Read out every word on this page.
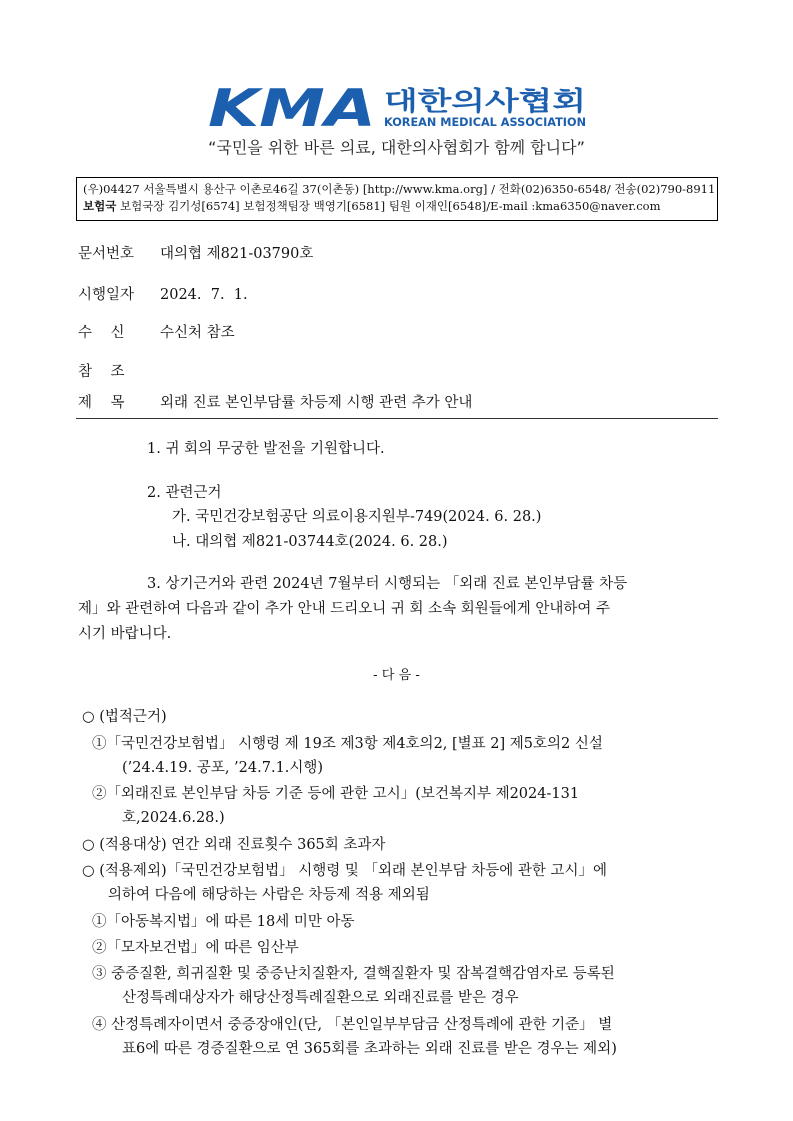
KMA 대한의사협회
KOREAN MEDICAL ASSOCIATION
“국민을 위한 바른 의료, 대한의사협회가 함께 합니다”
(우)04427 서울특별시 용산구 이촌로46길 37(이촌동) [http://www.kma.org] / 전화(02)6350-6548/ 전송(02)790-8911
보험국 보험국장 김기성[6574] 보험정책팀장 백영기[6581] 팀원 이재인[6548]/E-mail :kma6350@naver.com
문서번호 대의협 제821-03790호
시행일자 2024.  7.  1.
수    신 수신처 참조
참    조
제    목 외래 진료 본인부담률 차등제 시행 관련 추가 안내
1. 귀 회의 무궁한 발전을 기원합니다.
2. 관련근거
가. 국민건강보험공단 의료이용지원부-749(2024. 6. 28.)
나. 대의협 제821-03744호(2024. 6. 28.)
3. 상기근거와 관련 2024년 7월부터 시행되는 「외래 진료 본인부담률 차등
제」와 관련하여 다음과 같이 추가 안내 드리오니 귀 회 소속 회원들에게 안내하여 주
시기 바랍니다.
- 다 음 -
○ (법적근거)
①「국민건강보험법」 시행령 제 19조 제3항 제4호의2, [별표 2] 제5호의2 신설
(’24.4.19. 공포, ’24.7.1.시행)
②「외래진료 본인부담 차등 기준 등에 관한 고시」(보건복지부 제2024-131
호,2024.6.28.)
○ (적용대상) 연간 외래 진료횟수 365회 초과자
○ (적용제외)「국민건강보험법」 시행령 및 「외래 본인부담 차등에 관한 고시」에
의하여 다음에 해당하는 사람은 차등제 적용 제외됨
①「아동복지법」에 따른 18세 미만 아동
②「모자보건법」에 따른 임산부
③ 중증질환, 희귀질환 및 중증난치질환자, 결핵질환자 및 잠복결핵감염자로 등록된
산정특례대상자가 해당산정특례질환으로 외래진료를 받은 경우
④ 산정특례자이면서 중증장애인(단, 「본인일부부담금 산정특례에 관한 기준」 별
표6에 따른 경증질환으로 연 365회를 초과하는 외래 진료를 받은 경우는 제외)
